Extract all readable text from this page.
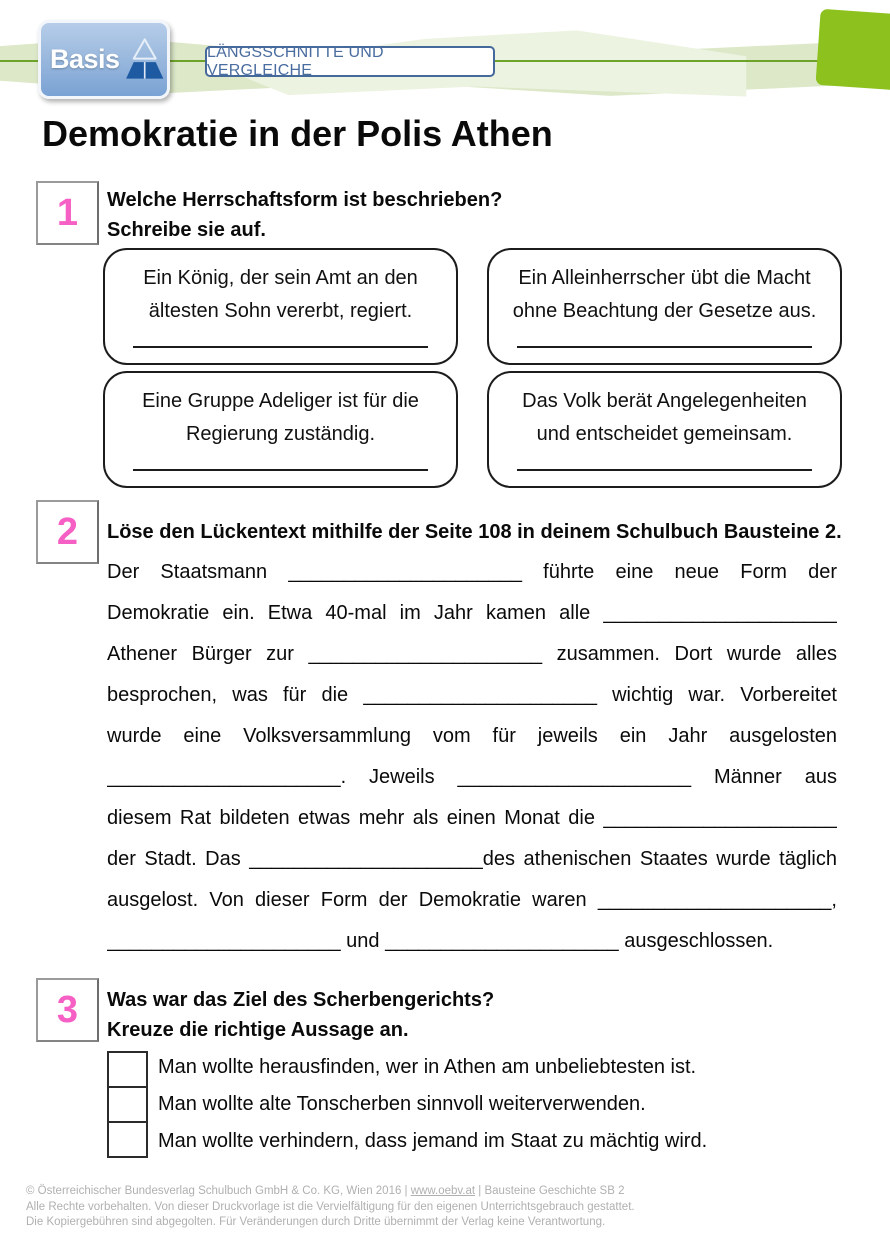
Basis	LÄNGSSCHNITTE UND VERGLEICHE
Demokratie in der Polis Athen
1	Welche Herrschaftsform ist beschrieben?
Schreibe sie auf.
Ein König, der sein Amt an den
ältesten Sohn vererbt, regiert.
Ein Alleinherrscher übt die Macht
ohne Beachtung der Gesetze aus.
Eine Gruppe Adeliger ist für die
Regierung zuständig.
Das Volk berät Angelegenheiten
und entscheidet gemeinsam.
2	Löse den Lückentext mithilfe der Seite 108 in deinem Schulbuch Bausteine 2.
Der Staatsmann _____________________ führte eine neue Form der
Demokratie ein. Etwa 40-mal im Jahr kamen alle _____________________
Athener Bürger zur _____________________ zusammen. Dort wurde alles
besprochen, was für die _____________________ wichtig war. Vorbereitet
wurde eine Volksversammlung vom für jeweils ein Jahr ausgelosten
_____________________. Jeweils _____________________ Männer aus
diesem Rat bildeten etwas mehr als einen Monat die _____________________
der Stadt. Das _____________________des athenischen Staates wurde täglich
ausgelost. Von dieser Form der Demokratie waren _____________________,
_____________________ und _____________________ ausgeschlossen.
3	Was war das Ziel des Scherbengerichts?
Kreuze die richtige Aussage an.
Man wollte herausfinden, wer in Athen am unbeliebtesten ist.
Man wollte alte Tonscherben sinnvoll weiterverwenden.
Man wollte verhindern, dass jemand im Staat zu mächtig wird.
© Österreichischer Bundesverlag Schulbuch GmbH & Co. KG, Wien 2016 | www.oebv.at | Bausteine Geschichte SB 2
Alle Rechte vorbehalten. Von dieser Druckvorlage ist die Vervielfältigung für den eigenen Unterrichtsgebrauch gestattet.
Die Kopiergebühren sind abgegolten. Für Veränderungen durch Dritte übernimmt der Verlag keine Verantwortung.
